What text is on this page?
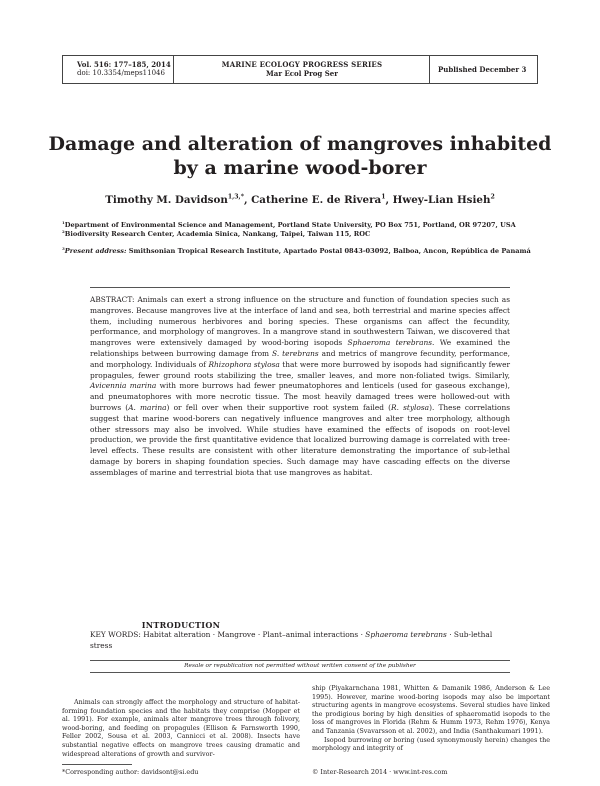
Vol. 516: 177–185, 2014
doi: 10.3354/meps11046
MARINE ECOLOGY PROGRESS SERIES
Mar Ecol Prog Ser	Published December 3
Damage and alteration of mangroves inhabited by a marine wood-borer
Timothy M. Davidson$^{1,3,*}$, Catherine E. de Rivera$^1$, Hwey-Lian Hsieh$^2$
$^1$Department of Environmental Science and Management, Portland State University, PO Box 751, Portland, OR 97207, USA
$^2$Biodiversity Research Center, Academia Sinica, Nankang, Taipei, Taiwan 115, ROC
$^3$Present address: Smithsonian Tropical Research Institute, Apartado Postal 0843-03092, Balboa, Ancon, República de Panamá

ABSTRACT: Animals can exert a strong influence on the structure and function of foundation species such as mangroves. Because mangroves live at the interface of land and sea, both terrestrial and marine species affect them, including numerous herbivores and boring species. These organisms can affect the fecundity, performance, and morphology of mangroves. In a mangrove stand in southwestern Taiwan, we discovered that mangroves were extensively damaged by wood-boring isopods Sphaeroma terebrans. We examined the relationships between burrowing damage from S. terebrans and metrics of mangrove fecundity, performance, and morphology. Individuals of Rhizophora stylosa that were more burrowed by isopods had significantly fewer propagules, fewer ground roots stabilizing the tree, smaller leaves, and more non-foliated twigs. Similarly, Avicennia marina with more burrows had fewer pneumatophores and lenticels (used for gaseous exchange), and pneumatophores with more necrotic tissue. The most heavily damaged trees were hollowed-out with burrows (A. marina) or fell over when their supportive root system failed (R. stylosa). These correlations suggest that marine wood-borers can negatively influence mangroves and alter tree morphology, although other stressors may also be involved. While studies have examined the effects of isopods on root-level production, we provide the first quantitative evidence that localized burrowing damage is correlated with tree-level effects. These results are consistent with other literature demonstrating the importance of sub-lethal damage by borers in shaping foundation species. Such damage may have cascading effects on the diverse assemblages of marine and terrestrial biota that use mangroves as habitat.

KEY WORDS: Habitat alteration · Mangrove · Plant–animal interactions · Sphaeroma terebrans · Sub-lethal stress

Resale or republication not permitted without written consent of the publisher
INTRODUCTION

Animals can strongly affect the morphology and structure of habitat-forming foundation species and the habitats they comprise (Mopper et al. 1991). For example, animals alter mangrove trees through folivory, wood-boring, and feeding on propagules (Ellison & Farnsworth 1990, Feller 2002, Sousa et al. 2003, Cannicci et al. 2008). Insects have substantial negative effects on mangrove trees causing dramatic and widespread alterations of growth and survivor-

ship (Piyakarnchana 1981, Whitten & Damanik 1986, Anderson & Lee 1995). However, marine wood-boring isopods may also be important structuring agents in mangrove ecosystems. Several studies have linked the prodigious boring by high densities of sphaeromatid isopods to the loss of mangroves in Florida (Rehm & Humm 1973, Rehm 1976), Kenya and Tanzania (Svavarsson et al. 2002), and India (Santhakumari 1991).

Isopod burrowing or boring (used synonymously herein) changes the morphology and integrity of

*Corresponding author: davidsont@si.edu	© Inter-Research 2014 · www.int-res.com
